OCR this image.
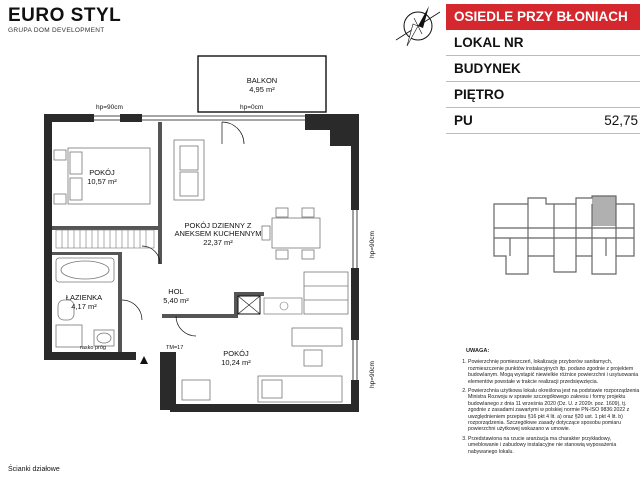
EURO STYL
GRUPA DOM DEVELOPMENT
OSIEDLE PRZY BŁONIACH
LOKAL NR
BUDYNEK
PIĘTRO
PU	52,75
BALKON
4,95 m²
POKÓJ
10,57 m²
POKÓJ DZIENNY Z
ANEKSEM KUCHENNYM
22,37 m²
HOL
5,40 m²
ŁAZIENKA
4,17 m²
POKÓJ
10,24 m²
hp=90cm	hp=0cm
hp=90cm
hp=90cm
rasko próg	TM=17	UWAGA:
1. Powierzchnię pomieszczeń, lokalizację przyborów sanitarnych, rozmieszczenie punktów instalacyjnych itp. podano zgodnie z projektem budowlanym. Mogą wystąpić niewielkie różnice powierzchni i usytuowania elementów powstałe w trakcie realizacji przedsięwzięcia.
2. Powierzchnia użytkowa lokalu określona jest na podstawie rozporządzenia Ministra Rozwoju w sprawie szczegółowego zakresu i formy projektu budowlanego z dnia 11 września 2020 (Dz. U. z 2020r. poz. 1609), tj. zgodnie z zasadami zawartymi w polskiej normie PN-ISO 9836:2022 z uwzględnieniem przepisu §16 pkt 4 lit. a) oraz §20 ust. 1 pkt 4 lit. b) rozporządzenia. Szczegółowe zasady dotyczące sposobu pomiaru powierzchni użytkowej wskazano w umowie.
3. Przedstawiona na rzucie aranżacja ma charakter przykładowy, umeblowanie i zabudowy instalacyjne nie stanowią wyposażenia nabywanego lokalu.
Ścianki działowe
